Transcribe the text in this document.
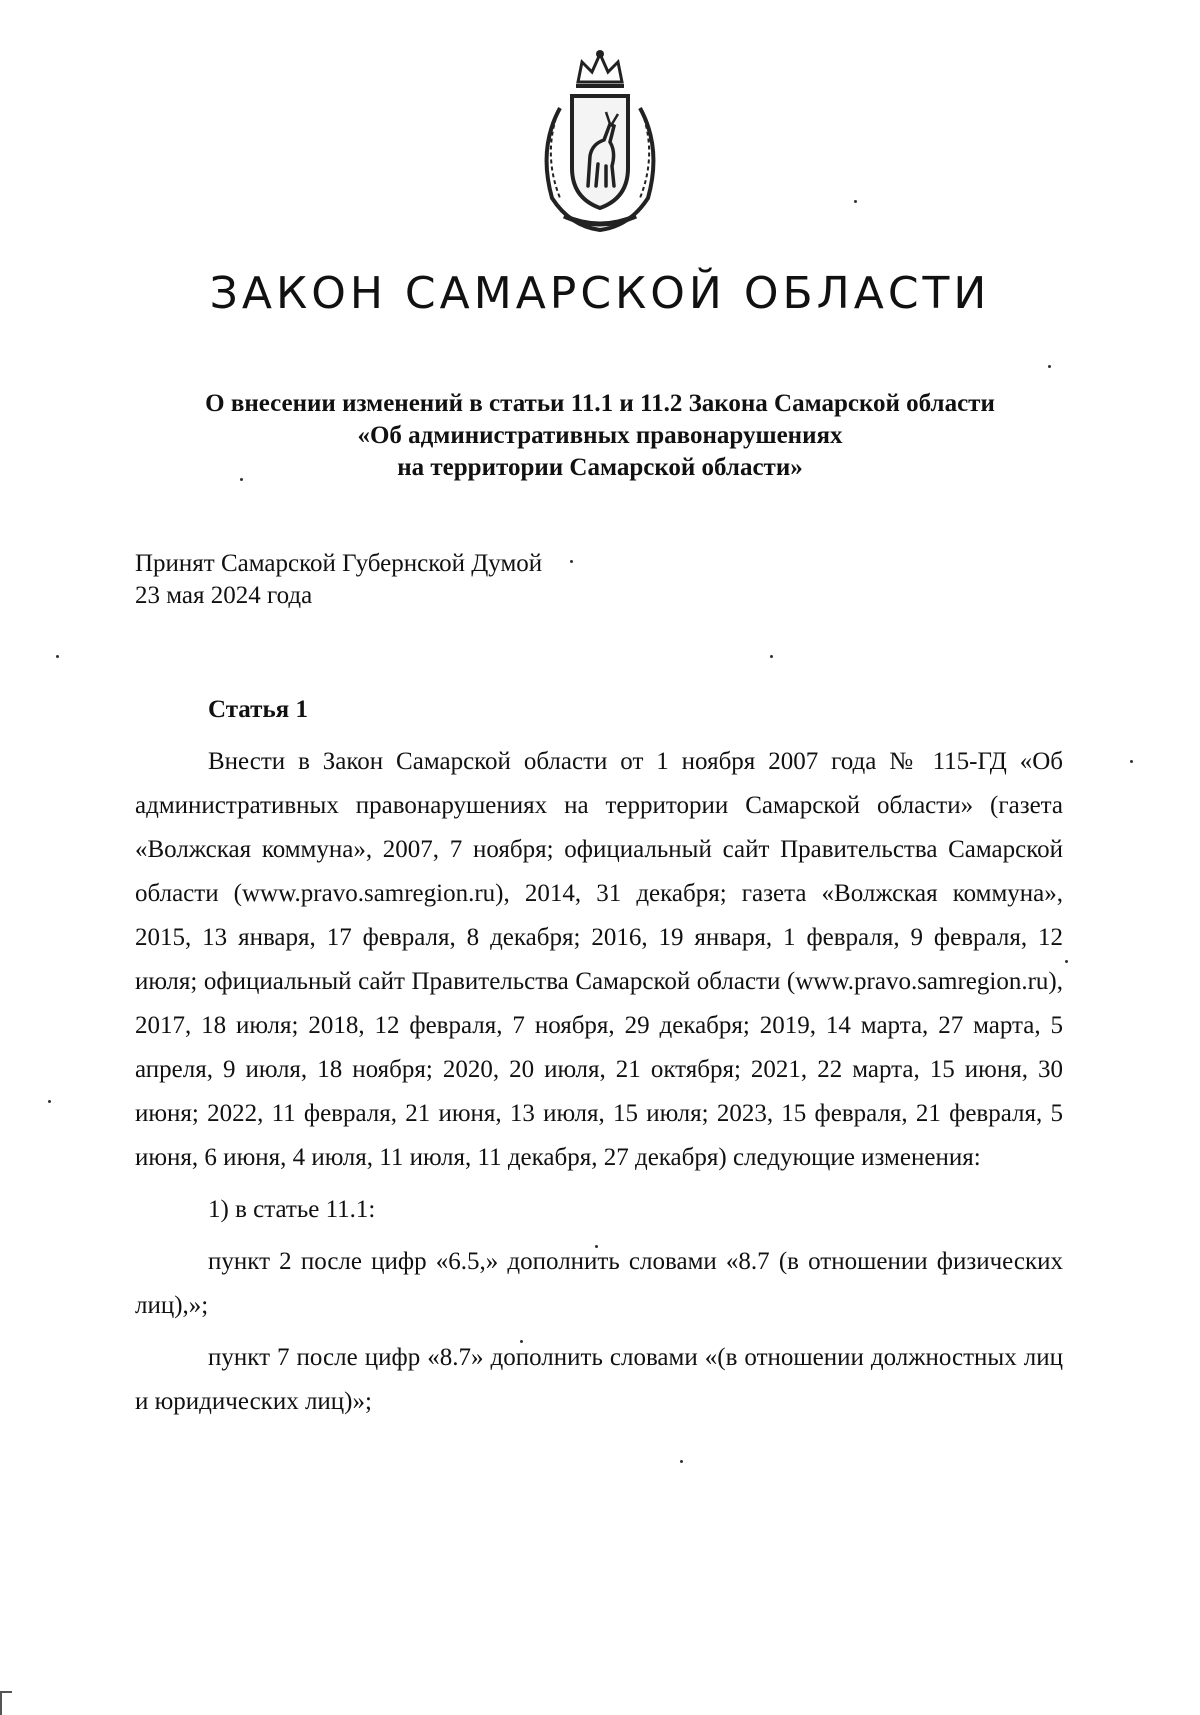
ЗАКОН САМАРСКОЙ ОБЛАСТИ
О внесении изменений в статьи 11.1 и 11.2 Закона Самарской области
«Об административных правонарушениях
на территории Самарской области»
Принят Самарской Губернской Думой
23 мая 2024 года
Статья 1

Внести в Закон Самарской области от 1 ноября 2007 года № 115-ГД «Об административных правонарушениях на территории Самарской области» (газета «Волжская коммуна», 2007, 7 ноября; официальный сайт Правительства Самарской области (www.pravo.samregion.ru), 2014, 31 декабря; газета «Волжская коммуна», 2015, 13 января, 17 февраля, 8 декабря; 2016, 19 января, 1 февраля, 9 февраля, 12 июля; официальный сайт Правительства Самарской области (www.pravo.samregion.ru), 2017, 18 июля; 2018, 12 февраля, 7 ноября, 29 декабря; 2019, 14 марта, 27 марта, 5 апреля, 9 июля, 18 ноября; 2020, 20 июля, 21 октября; 2021, 22 марта, 15 июня, 30 июня; 2022, 11 февраля, 21 июня, 13 июля, 15 июля; 2023, 15 февраля, 21 февраля, 5 июня, 6 июня, 4 июля, 11 июля, 11 декабря, 27 декабря) следующие изменения:

1) в статье 11.1:

пункт 2 после цифр «6.5,» дополнить словами «8.7 (в отношении физических лиц),»;

пункт 7 после цифр «8.7» дополнить словами «(в отношении должностных лиц и юридических лиц)»;
